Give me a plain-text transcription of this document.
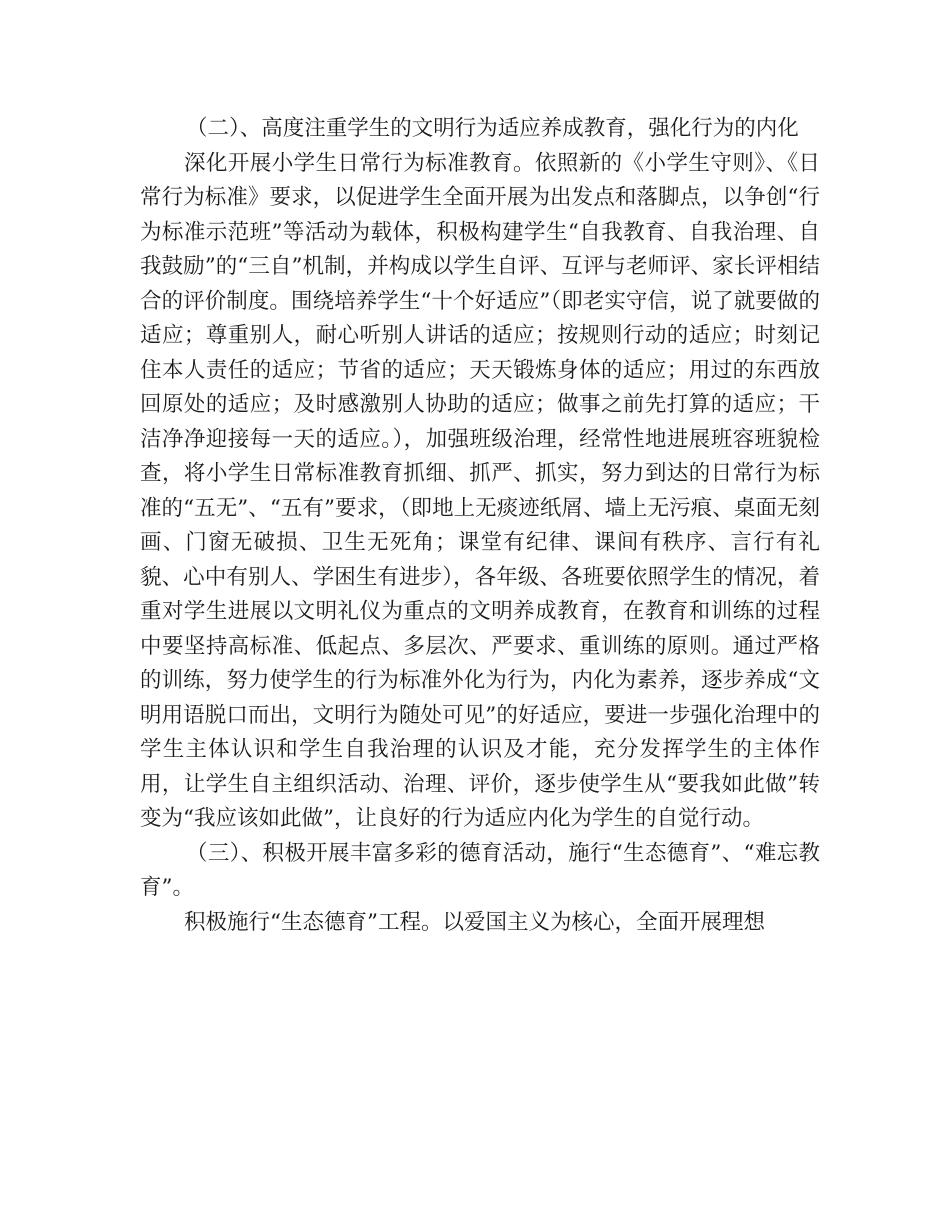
（二）、高度注重学生的文明行为适应养成教育，强化行为的内化

深化开展小学生日常行为标准教育。依照新的《小学生守则》、《日常行为标准》要求，以促进学生全面开展为出发点和落脚点，以争创“行为标准示范班”等活动为载体，积极构建学生“自我教育、自我治理、自我鼓励”的“三自”机制，并构成以学生自评、互评与老师评、家长评相结合的评价制度。围绕培养学生“十个好适应”（即老实守信，说了就要做的适应；尊重别人，耐心听别人讲话的适应；按规则行动的适应；时刻记住本人责任的适应；节省的适应；天天锻炼身体的适应；用过的东西放回原处的适应；及时感激别人协助的适应；做事之前先打算的适应；干洁净净迎接每一天的适应。），加强班级治理，经常性地进展班容班貌检查，将小学生日常标准教育抓细、抓严、抓实，努力到达的日常行为标准的“五无”、“五有”要求，（即地上无痰迹纸屑、墙上无污痕、桌面无刻画、门窗无破损、卫生无死角；课堂有纪律、课间有秩序、言行有礼貌、心中有别人、学困生有进步），各年级、各班要依照学生的情况，着重对学生进展以文明礼仪为重点的文明养成教育，在教育和训练的过程中要坚持高标准、低起点、多层次、严要求、重训练的原则。通过严格的训练，努力使学生的行为标准外化为行为，内化为素养，逐步养成“文明用语脱口而出，文明行为随处可见”的好适应，要进一步强化治理中的学生主体认识和学生自我治理的认识及才能，充分发挥学生的主体作用，让学生自主组织活动、治理、评价，逐步使学生从“要我如此做”转变为“我应该如此做”，让良好的行为适应内化为学生的自觉行动。

（三）、积极开展丰富多彩的德育活动，施行“生态德育”、“难忘教育”。

积极施行“生态德育”工程。以爱国主义为核心，全面开展理想
